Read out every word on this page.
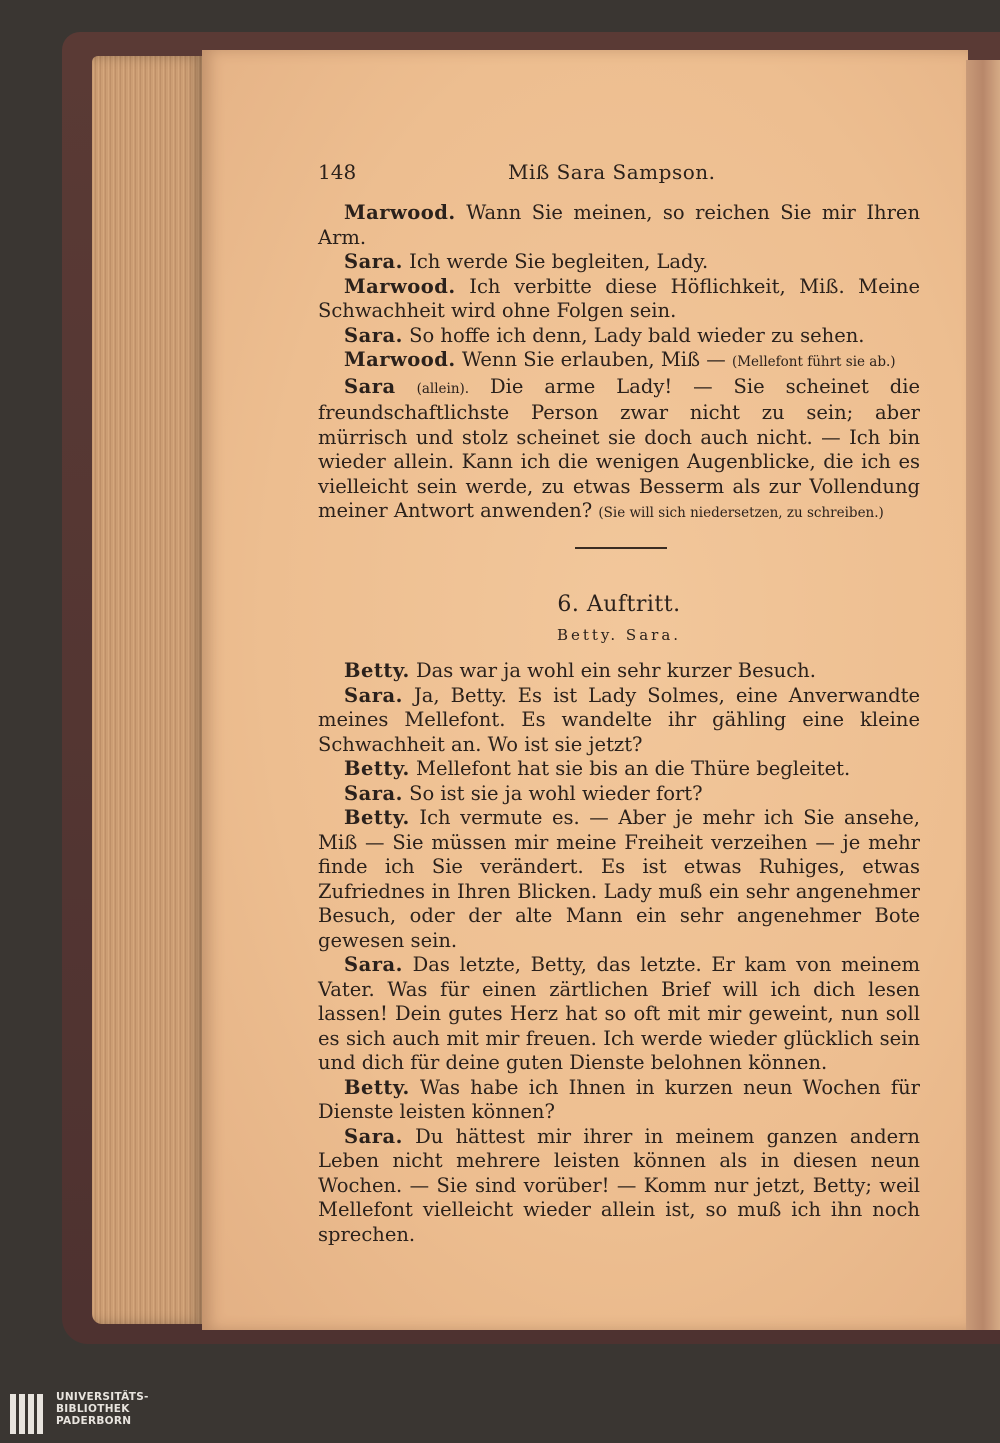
148	Miß Sara Sampson.

Marwood. Wann Sie meinen, so reichen Sie mir Ihren Arm.

Sara. Ich werde Sie begleiten, Lady.

Marwood. Ich verbitte diese Höflichkeit, Miß. Meine Schwachheit wird ohne Folgen sein.

Sara. So hoffe ich denn, Lady bald wieder zu sehen.

Marwood. Wenn Sie erlauben, Miß — (Mellefont führt sie ab.)

Sara (allein). Die arme Lady! — Sie scheinet die freundschaftlichste Person zwar nicht zu sein; aber mürrisch und stolz scheinet sie doch auch nicht. — Ich bin wieder allein. Kann ich die wenigen Augenblicke, die ich es vielleicht sein werde, zu etwas Besserm als zur Vollendung meiner Antwort anwenden? (Sie will sich niedersetzen, zu schreiben.)

6. Auftritt.
Betty. Sara.

Betty. Das war ja wohl ein sehr kurzer Besuch.

Sara. Ja, Betty. Es ist Lady Solmes, eine Anverwandte meines Mellefont. Es wandelte ihr gähling eine kleine Schwachheit an. Wo ist sie jetzt?

Betty. Mellefont hat sie bis an die Thüre begleitet.

Sara. So ist sie ja wohl wieder fort?

Betty. Ich vermute es. — Aber je mehr ich Sie ansehe, Miß — Sie müssen mir meine Freiheit verzeihen — je mehr finde ich Sie verändert. Es ist etwas Ruhiges, etwas Zufriednes in Ihren Blicken. Lady muß ein sehr angenehmer Besuch, oder der alte Mann ein sehr angenehmer Bote gewesen sein.

Sara. Das letzte, Betty, das letzte. Er kam von meinem Vater. Was für einen zärtlichen Brief will ich dich lesen lassen! Dein gutes Herz hat so oft mit mir geweint, nun soll es sich auch mit mir freuen. Ich werde wieder glücklich sein und dich für deine guten Dienste belohnen können.

Betty. Was habe ich Ihnen in kurzen neun Wochen für Dienste leisten können?

Sara. Du hättest mir ihrer in meinem ganzen andern Leben nicht mehrere leisten können als in diesen neun Wochen. — Sie sind vorüber! — Komm nur jetzt, Betty; weil Mellefont vielleicht wieder allein ist, so muß ich ihn noch sprechen.

UNIVERSITÄTS-
BIBLIOTHEK
PADERBORN
